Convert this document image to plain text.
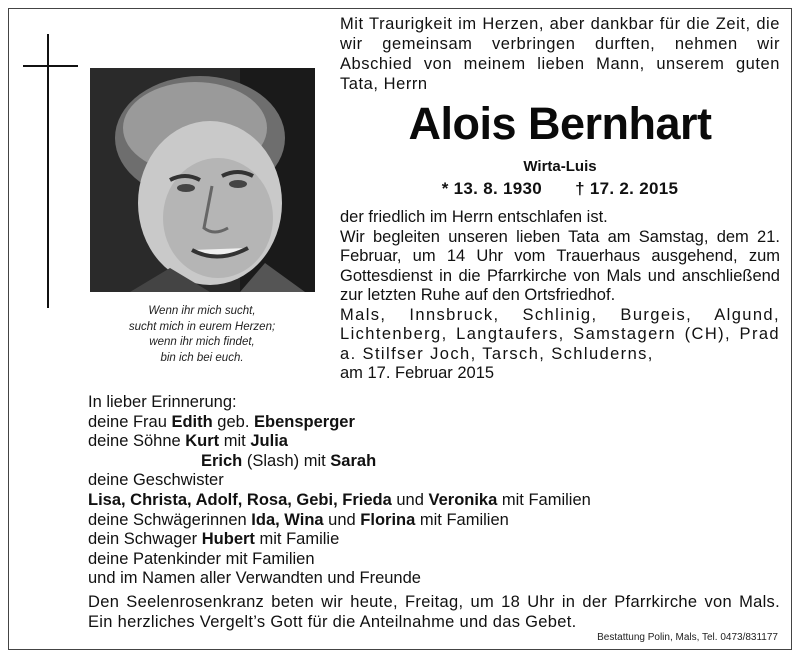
Wenn ihr mich sucht,
sucht mich in eurem Herzen;
wenn ihr mich findet,
bin ich bei euch.
Mit Traurigkeit im Herzen, aber dankbar für die Zeit, die wir gemeinsam verbringen durften, nehmen wir Abschied von meinem lieben Mann, unserem guten Tata, Herrn
Alois Bernhart
Wirta-Luis
* 13. 8. 1930 † 17. 2. 2015

der friedlich im Herrn entschlafen ist.

Wir begleiten unseren lieben Tata am Samstag, dem 21. Februar, um 14 Uhr vom Trauerhaus ausgehend, zum Gottesdienst in die Pfarrkirche von Mals und anschließend zur letzten Ruhe auf den Ortsfriedhof.

Mals, Innsbruck, Schlinig, Burgeis, Algund, Lichtenberg, Langtaufers, Samstagern (CH), Prad a. Stilfser Joch, Tarsch, Schluderns,

am 17. Februar 2015

In lieber Erinnerung:
deine Frau Edith geb. Ebensperger
deine Söhne Kurt mit Julia
Erich (Slash) mit Sarah
deine Geschwister
Lisa, Christa, Adolf, Rosa, Gebi, Frieda und Veronika mit Familien
deine Schwägerinnen Ida, Wina und Florina mit Familien
dein Schwager Hubert mit Familie
deine Patenkinder mit Familien
und im Namen aller Verwandten und Freunde
Den Seelenrosenkranz beten wir heute, Freitag, um 18 Uhr in der Pfarrkirche von Mals. Ein herzliches Vergelt’s Gott für die Anteilnahme und das Gebet.
Bestattung Polin, Mals, Tel. 0473/831177
